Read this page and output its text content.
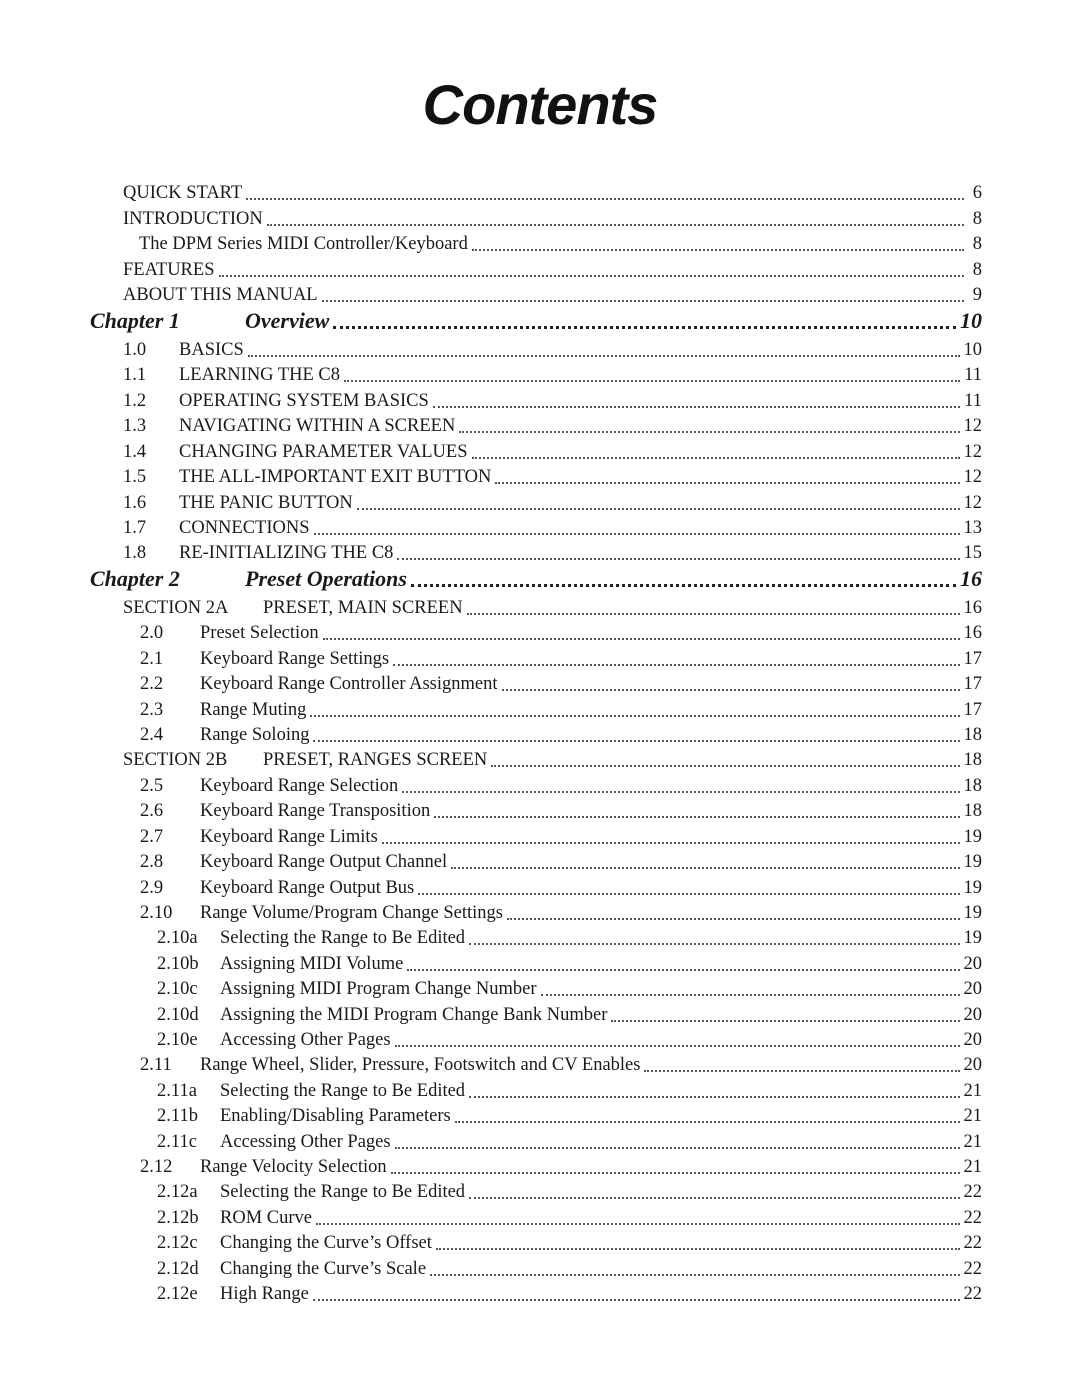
Contents
QUICK START	6
INTRODUCTION	8
The DPM Series MIDI Controller/Keyboard	8
FEATURES	8
ABOUT THIS MANUAL	9
Chapter 1	Overview	10
1.0	BASICS	10
1.1	LEARNING THE C8	11
1.2	OPERATING SYSTEM BASICS	11
1.3	NAVIGATING WITHIN A SCREEN	12
1.4	CHANGING PARAMETER VALUES	12
1.5	THE ALL-IMPORTANT EXIT BUTTON	12
1.6	THE PANIC BUTTON	12
1.7	CONNECTIONS	13
1.8	RE-INITIALIZING THE C8	15
Chapter 2	Preset Operations	16
SECTION 2A	PRESET, MAIN SCREEN	16
2.0	Preset Selection	16
2.1	Keyboard Range Settings	17
2.2	Keyboard Range Controller Assignment	17
2.3	Range Muting	17
2.4	Range Soloing	18
SECTION 2B	PRESET, RANGES SCREEN	18
2.5	Keyboard Range Selection	18
2.6	Keyboard Range Transposition	18
2.7	Keyboard Range Limits	19
2.8	Keyboard Range Output Channel	19
2.9	Keyboard Range Output Bus	19
2.10	Range Volume/Program Change Settings	19
2.10a	Selecting the Range to Be Edited	19
2.10b	Assigning MIDI Volume	20
2.10c	Assigning MIDI Program Change Number	20
2.10d	Assigning the MIDI Program Change Bank Number	20
2.10e	Accessing Other Pages	20
2.11	Range Wheel, Slider, Pressure, Footswitch and CV Enables	20
2.11a	Selecting the Range to Be Edited	21
2.11b	Enabling/Disabling Parameters	21
2.11c	Accessing Other Pages	21
2.12	Range Velocity Selection	21
2.12a	Selecting the Range to Be Edited	22
2.12b	ROM Curve	22
2.12c	Changing the Curve’s Offset	22
2.12d	Changing the Curve’s Scale	22
2.12e	High Range	22
